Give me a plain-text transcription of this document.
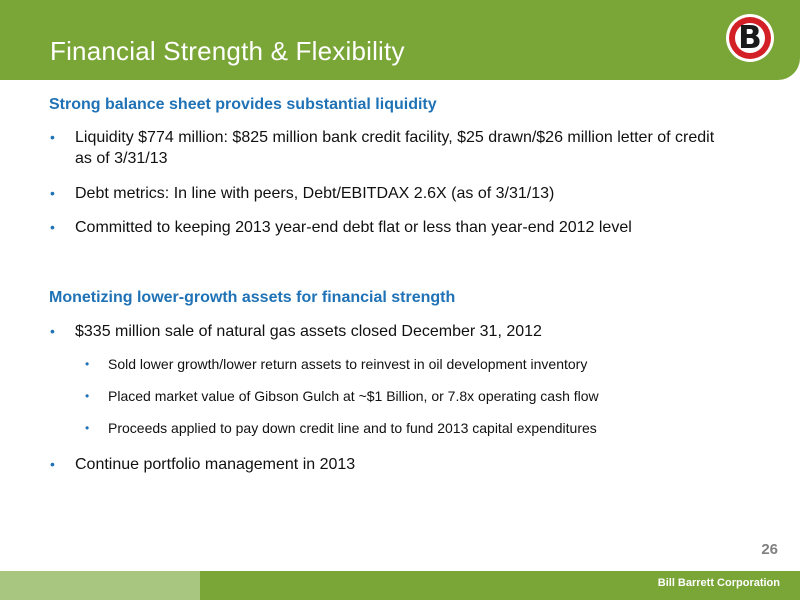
Financial Strength & Flexibility	B
Strong balance sheet provides substantial liquidity
• Liquidity $774 million: $825 million bank credit facility, $25 drawn/$26 million letter of credit as of 3/31/13
• Debt metrics: In line with peers, Debt/EBITDAX 2.6X (as of 3/31/13)
• Committed to keeping 2013 year-end debt flat or less than year-end 2012 level
Monetizing lower-growth assets for financial strength
• $335 million sale of natural gas assets closed December 31, 2012
• Sold lower growth/lower return assets to reinvest in oil development inventory
• Placed market value of Gibson Gulch at ~$1 Billion, or 7.8x operating cash flow
• Proceeds applied to pay down credit line and to fund 2013 capital expenditures
• Continue portfolio management in 2013
26
Bill Barrett Corporation
